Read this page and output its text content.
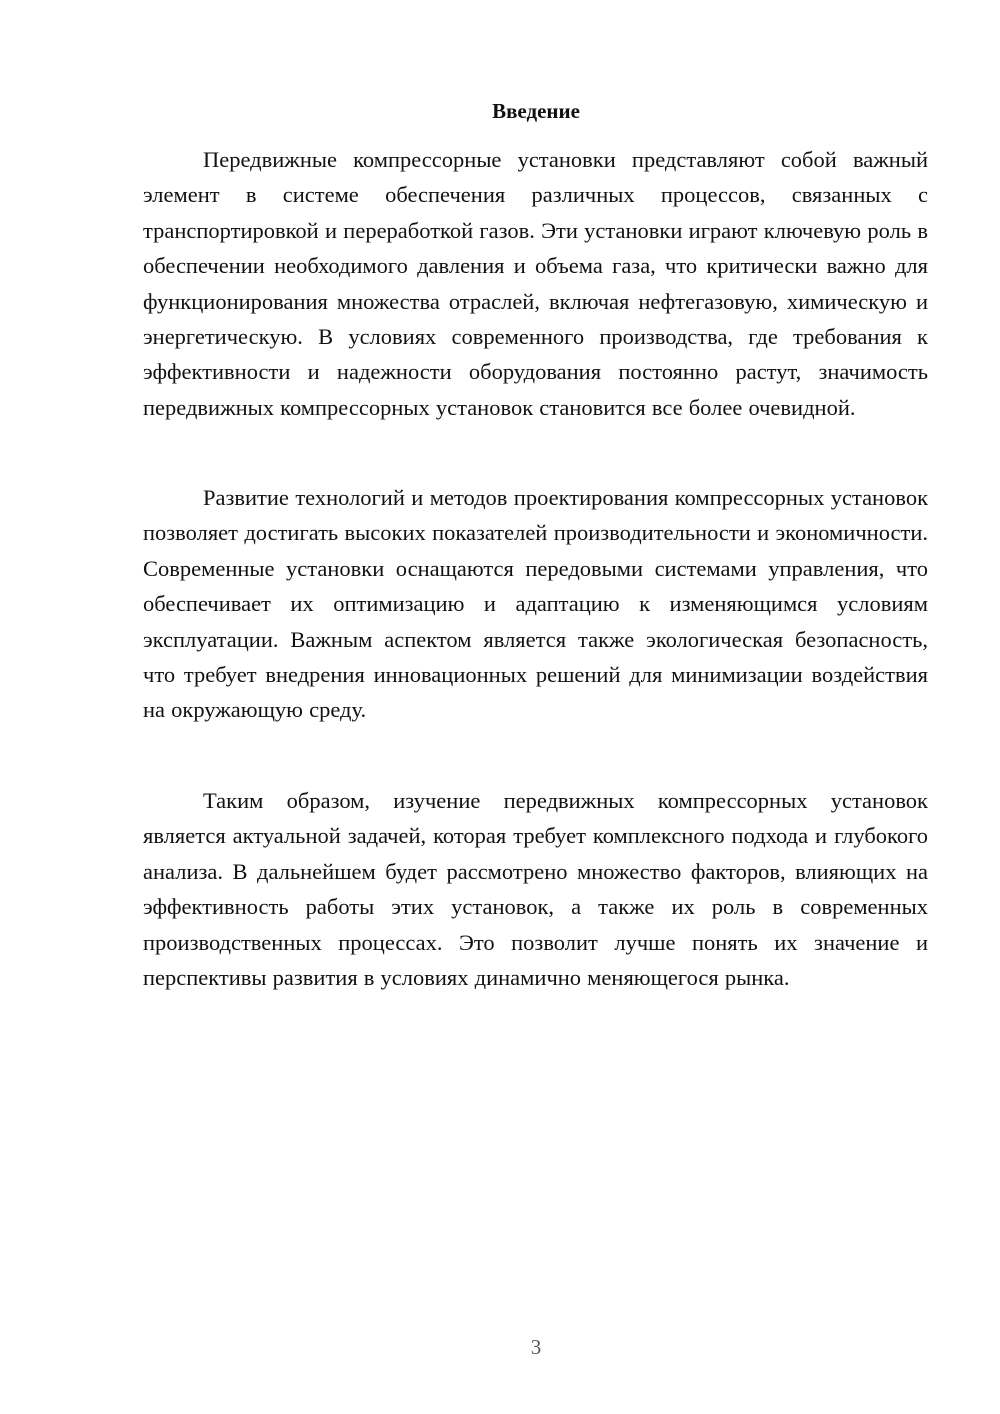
Введение

Передвижные компрессорные установки представляют собой важный элемент в системе обеспечения различных процессов, связанных с транспортировкой и переработкой газов. Эти установки играют ключевую роль в обеспечении необходимого давления и объема газа, что критически важно для функционирования множества отраслей, включая нефтегазовую, химическую и энергетическую. В условиях современного производства, где требования к эффективности и надежности оборудования постоянно растут, значимость передвижных компрессорных установок становится все более очевидной.

Развитие технологий и методов проектирования компрессорных установок позволяет достигать высоких показателей производительности и экономичности. Современные установки оснащаются передовыми системами управления, что обеспечивает их оптимизацию и адаптацию к изменяющимся условиям эксплуатации. Важным аспектом является также экологическая безопасность, что требует внедрения инновационных решений для минимизации воздействия на окружающую среду.

Таким образом, изучение передвижных компрессорных установок является актуальной задачей, которая требует комплексного подхода и глубокого анализа. В дальнейшем будет рассмотрено множество факторов, влияющих на эффективность работы этих установок, а также их роль в современных производственных процессах. Это позволит лучше понять их значение и перспективы развития в условиях динамично меняющегося рынка.

3
